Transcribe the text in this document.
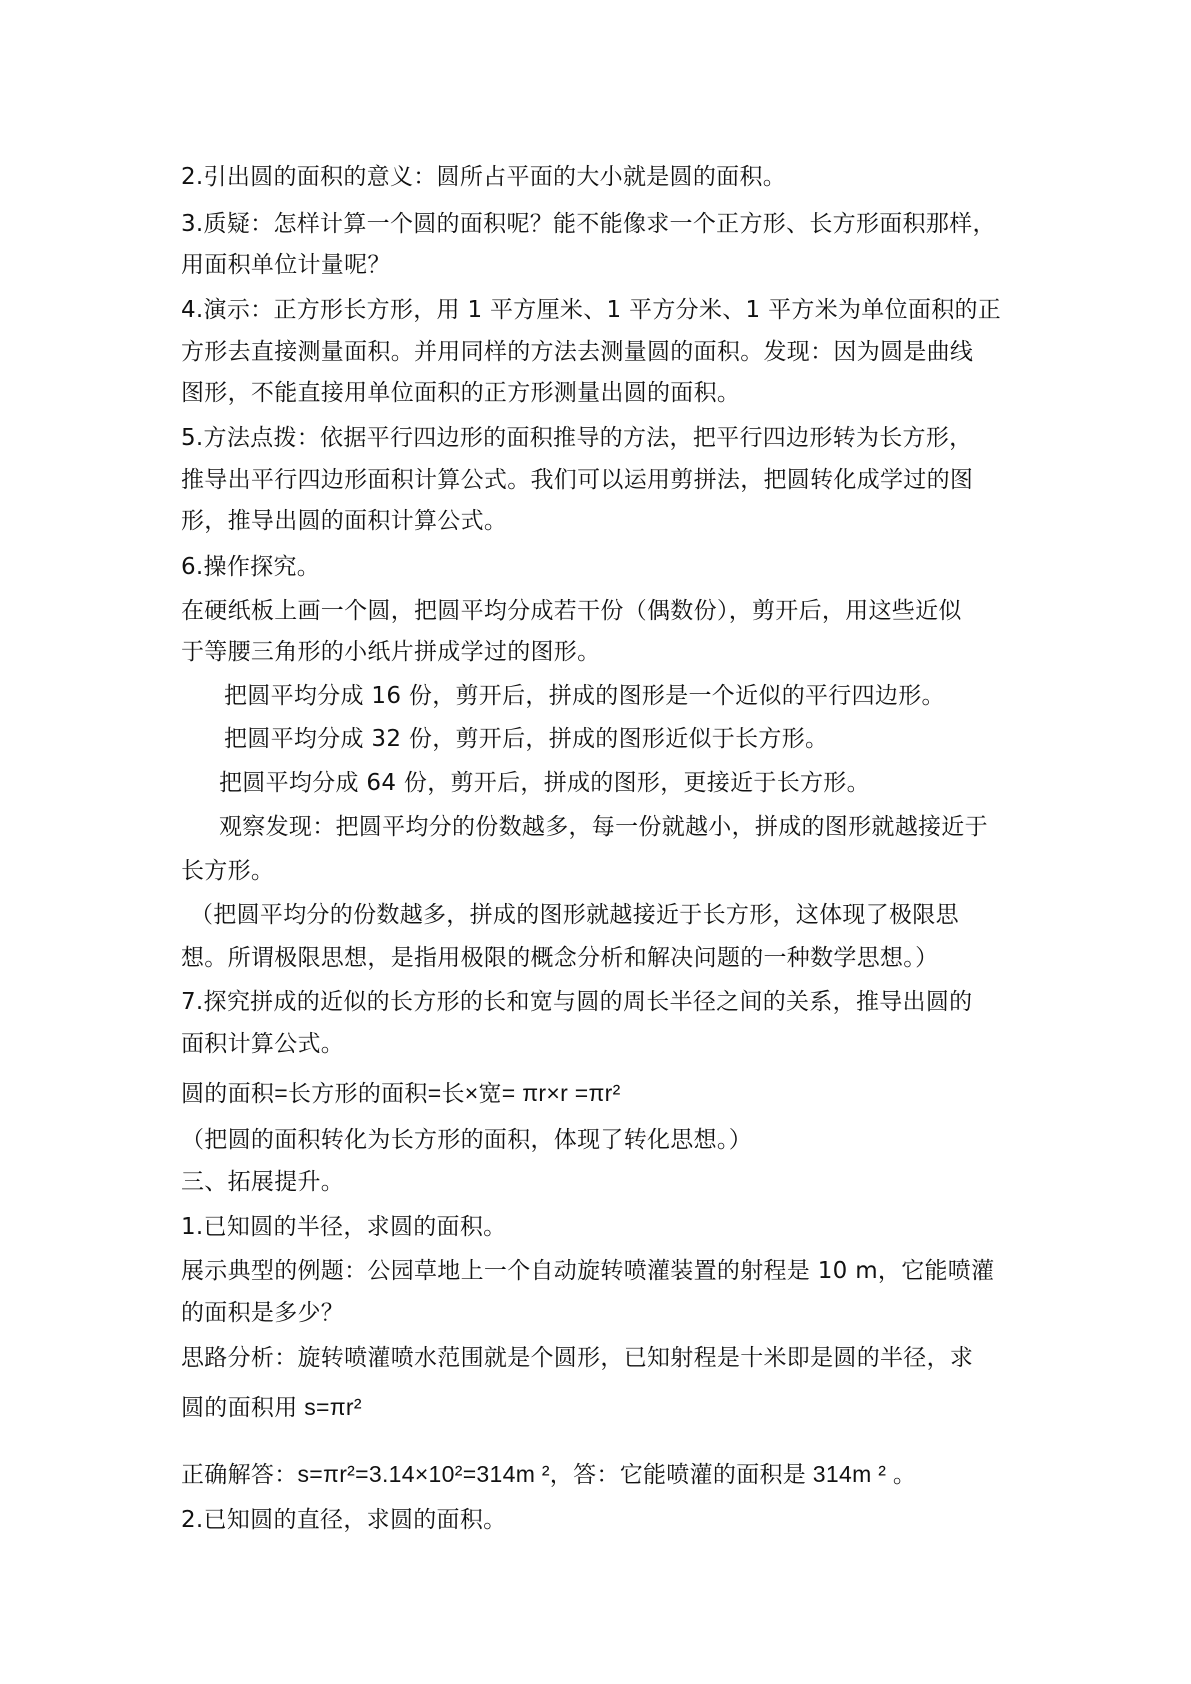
2.引出圆的面积的意义：圆所占平面的大小就是圆的面积。
3.质疑：怎样计算一个圆的面积呢？能不能像求一个正方形、长方形面积那样，
用面积单位计量呢？
4.演示：正方形长方形，用 1 平方厘米、1 平方分米、1 平方米为单位面积的正
方形去直接测量面积。并用同样的方法去测量圆的面积。发现：因为圆是曲线
图形，不能直接用单位面积的正方形测量出圆的面积。
5.方法点拨：依据平行四边形的面积推导的方法，把平行四边形转为长方形，
推导出平行四边形面积计算公式。我们可以运用剪拼法，把圆转化成学过的图
形，推导出圆的面积计算公式。
6.操作探究。
在硬纸板上画一个圆，把圆平均分成若干份（偶数份），剪开后，用这些近似
于等腰三角形的小纸片拼成学过的图形。
把圆平均分成 16 份，剪开后，拼成的图形是一个近似的平行四边形。
把圆平均分成 32 份，剪开后，拼成的图形近似于长方形。
把圆平均分成 64 份，剪开后，拼成的图形，更接近于长方形。
观察发现：把圆平均分的份数越多，每一份就越小，拼成的图形就越接近于
长方形。
（把圆平均分的份数越多，拼成的图形就越接近于长方形，这体现了极限思
想。所谓极限思想，是指用极限的概念分析和解决问题的一种数学思想。）
7.探究拼成的近似的长方形的长和宽与圆的周长半径之间的关系，推导出圆的
面积计算公式。
圆的面积=长方形的面积=长×宽= πr×r =πr²
（把圆的面积转化为长方形的面积，体现了转化思想。）
三、拓展提升。
1.已知圆的半径，求圆的面积。
展示典型的例题：公园草地上一个自动旋转喷灌装置的射程是 10 m，它能喷灌
的面积是多少？
思路分析：旋转喷灌喷水范围就是个圆形，已知射程是十米即是圆的半径，求
圆的面积用 s=πr²
正确解答：s=πr²=3.14×10²=314m ²，答：它能喷灌的面积是 314m ² 。
2.已知圆的直径，求圆的面积。
